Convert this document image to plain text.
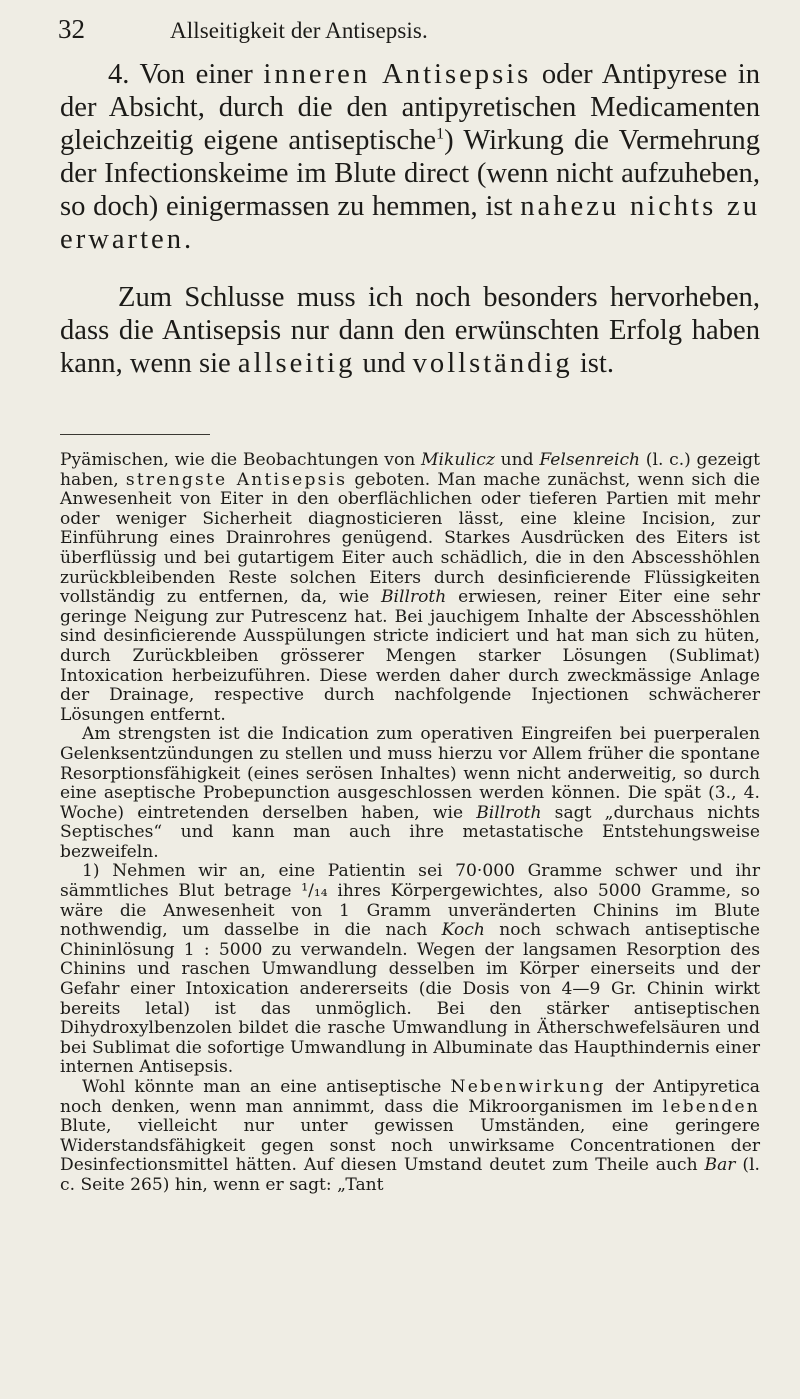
32	Allseitigkeit der Antisepsis.

4. Von einer inneren Antisepsis oder Antipyrese in der Absicht, durch die den antipyretischen Medicamenten gleichzeitig eigene antiseptische$^1$) Wirkung die Vermehrung der Infectionskeime im Blute direct (wenn nicht aufzuheben, so doch) einigermassen zu hemmen, ist nahezu nichts zu erwarten.

Zum Schlusse muss ich noch besonders hervorheben, dass die Antisepsis nur dann den erwünschten Erfolg haben kann, wenn sie allseitig und vollständig ist.

Pyämischen, wie die Beobachtungen von Mikulicz und Felsenreich (l. c.) gezeigt haben, strengste Antisepsis geboten. Man mache zunächst, wenn sich die Anwesenheit von Eiter in den oberflächlichen oder tieferen Partien mit mehr oder weniger Sicherheit diagnosticieren lässt, eine kleine Incision, zur Einführung eines Drainrohres genügend. Starkes Ausdrücken des Eiters ist überflüssig und bei gutartigem Eiter auch schädlich, die in den Abscesshöhlen zurückbleibenden Reste solchen Eiters durch desinficierende Flüssigkeiten vollständig zu entfernen, da, wie Billroth erwiesen, reiner Eiter eine sehr geringe Neigung zur Putrescenz hat. Bei jauchigem Inhalte der Abscesshöhlen sind desinficierende Ausspülungen stricte indiciert und hat man sich zu hüten, durch Zurückbleiben grösserer Mengen starker Lösungen (Sublimat) Intoxication herbeizuführen. Diese werden daher durch zweckmässige Anlage der Drainage, respective durch nachfolgende Injectionen schwächerer Lösungen entfernt.

Am strengsten ist die Indication zum operativen Eingreifen bei puerperalen Gelenksentzündungen zu stellen und muss hierzu vor Allem früher die spontane Resorptionsfähigkeit (eines serösen Inhaltes) wenn nicht anderweitig, so durch eine aseptische Probepunction ausgeschlossen werden können. Die spät (3., 4. Woche) eintretenden derselben haben, wie Billroth sagt „durchaus nichts Septisches“ und kann man auch ihre metastatische Entstehungsweise bezweifeln.

1) Nehmen wir an, eine Patientin sei 70·000 Gramme schwer und ihr sämmtliches Blut betrage ¹/₁₄ ihres Körpergewichtes, also 5000 Gramme, so wäre die Anwesenheit von 1 Gramm unveränderten Chinins im Blute nothwendig, um dasselbe in die nach Koch noch schwach antiseptische Chininlösung 1 : 5000 zu verwandeln. Wegen der langsamen Resorption des Chinins und raschen Umwandlung desselben im Körper einerseits und der Gefahr einer Intoxication andererseits (die Dosis von 4—9 Gr. Chinin wirkt bereits letal) ist das unmöglich. Bei den stärker antiseptischen Dihydroxylbenzolen bildet die rasche Umwandlung in Ätherschwefelsäuren und bei Sublimat die sofortige Umwandlung in Albuminate das Haupthindernis einer internen Antisepsis.

Wohl könnte man an eine antiseptische Nebenwirkung der Antipyretica noch denken, wenn man annimmt, dass die Mikroorganismen im lebenden Blute, vielleicht nur unter gewissen Umständen, eine geringere Widerstandsfähigkeit gegen sonst noch unwirksame Concentrationen der Desinfectionsmittel hätten. Auf diesen Umstand deutet zum Theile auch Bar (l. c. Seite 265) hin, wenn er sagt: „Tant
